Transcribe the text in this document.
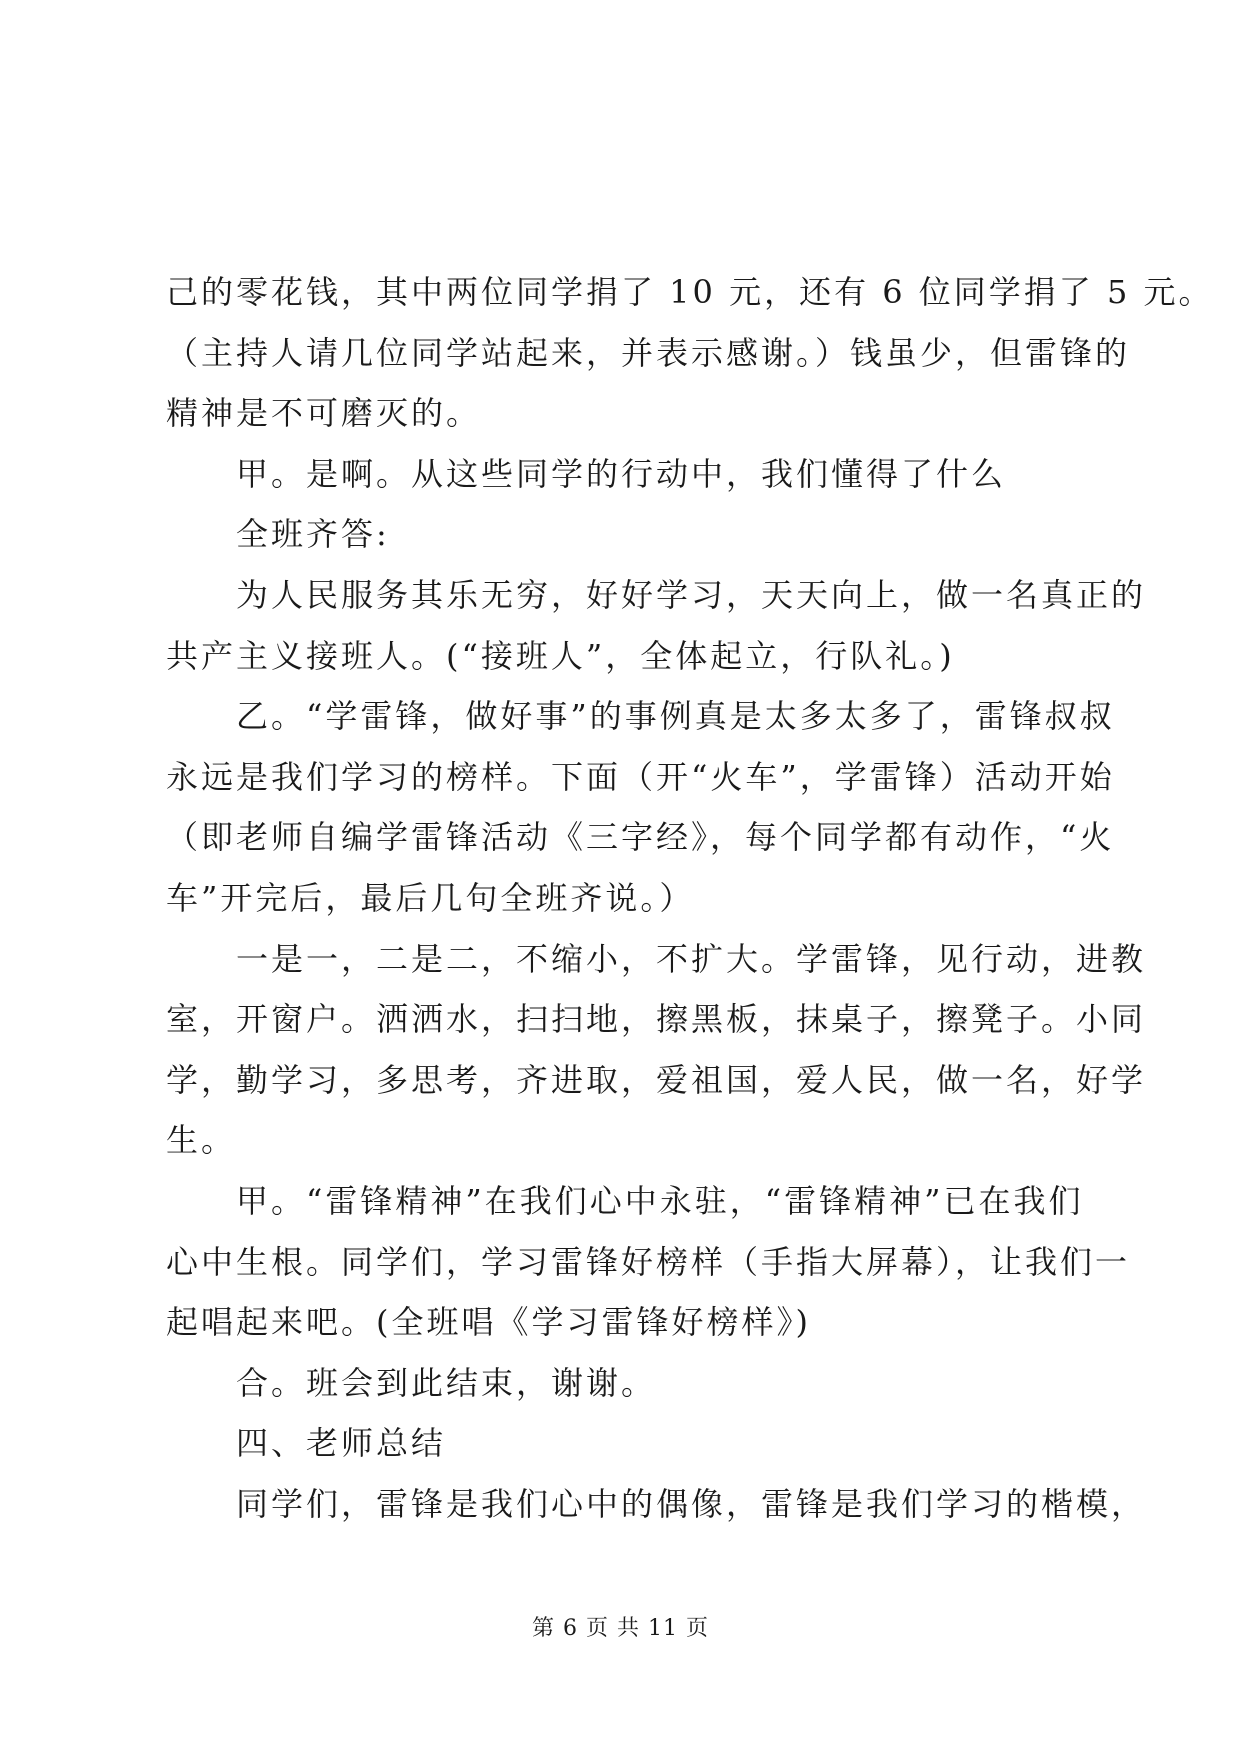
己的零花钱，其中两位同学捐了 10 元，还有 6 位同学捐了 5 元。

（主持人请几位同学站起来，并表示感谢。）钱虽少，但雷锋的

精神是不可磨灭的。

甲。是啊。从这些同学的行动中，我们懂得了什么

全班齐答:

为人民服务其乐无穷，好好学习，天天向上，做一名真正的

共产主义接班人。(“接班人”，全体起立，行队礼。)

乙。“学雷锋，做好事”的事例真是太多太多了，雷锋叔叔

永远是我们学习的榜样。下面（开“火车”，学雷锋）活动开始

（即老师自编学雷锋活动《三字经》，每个同学都有动作，“火

车”开完后，最后几句全班齐说。）

一是一，二是二，不缩小，不扩大。学雷锋，见行动，进教

室，开窗户。洒洒水，扫扫地，擦黑板，抹桌子，擦凳子。小同

学，勤学习，多思考，齐进取，爱祖国，爱人民，做一名，好学

生。

甲。“雷锋精神”在我们心中永驻，“雷锋精神”已在我们

心中生根。同学们，学习雷锋好榜样（手指大屏幕），让我们一

起唱起来吧。(全班唱《学习雷锋好榜样》)

合。班会到此结束，谢谢。

四、老师总结

同学们，雷锋是我们心中的偶像，雷锋是我们学习的楷模，

第 6 页 共 11 页
